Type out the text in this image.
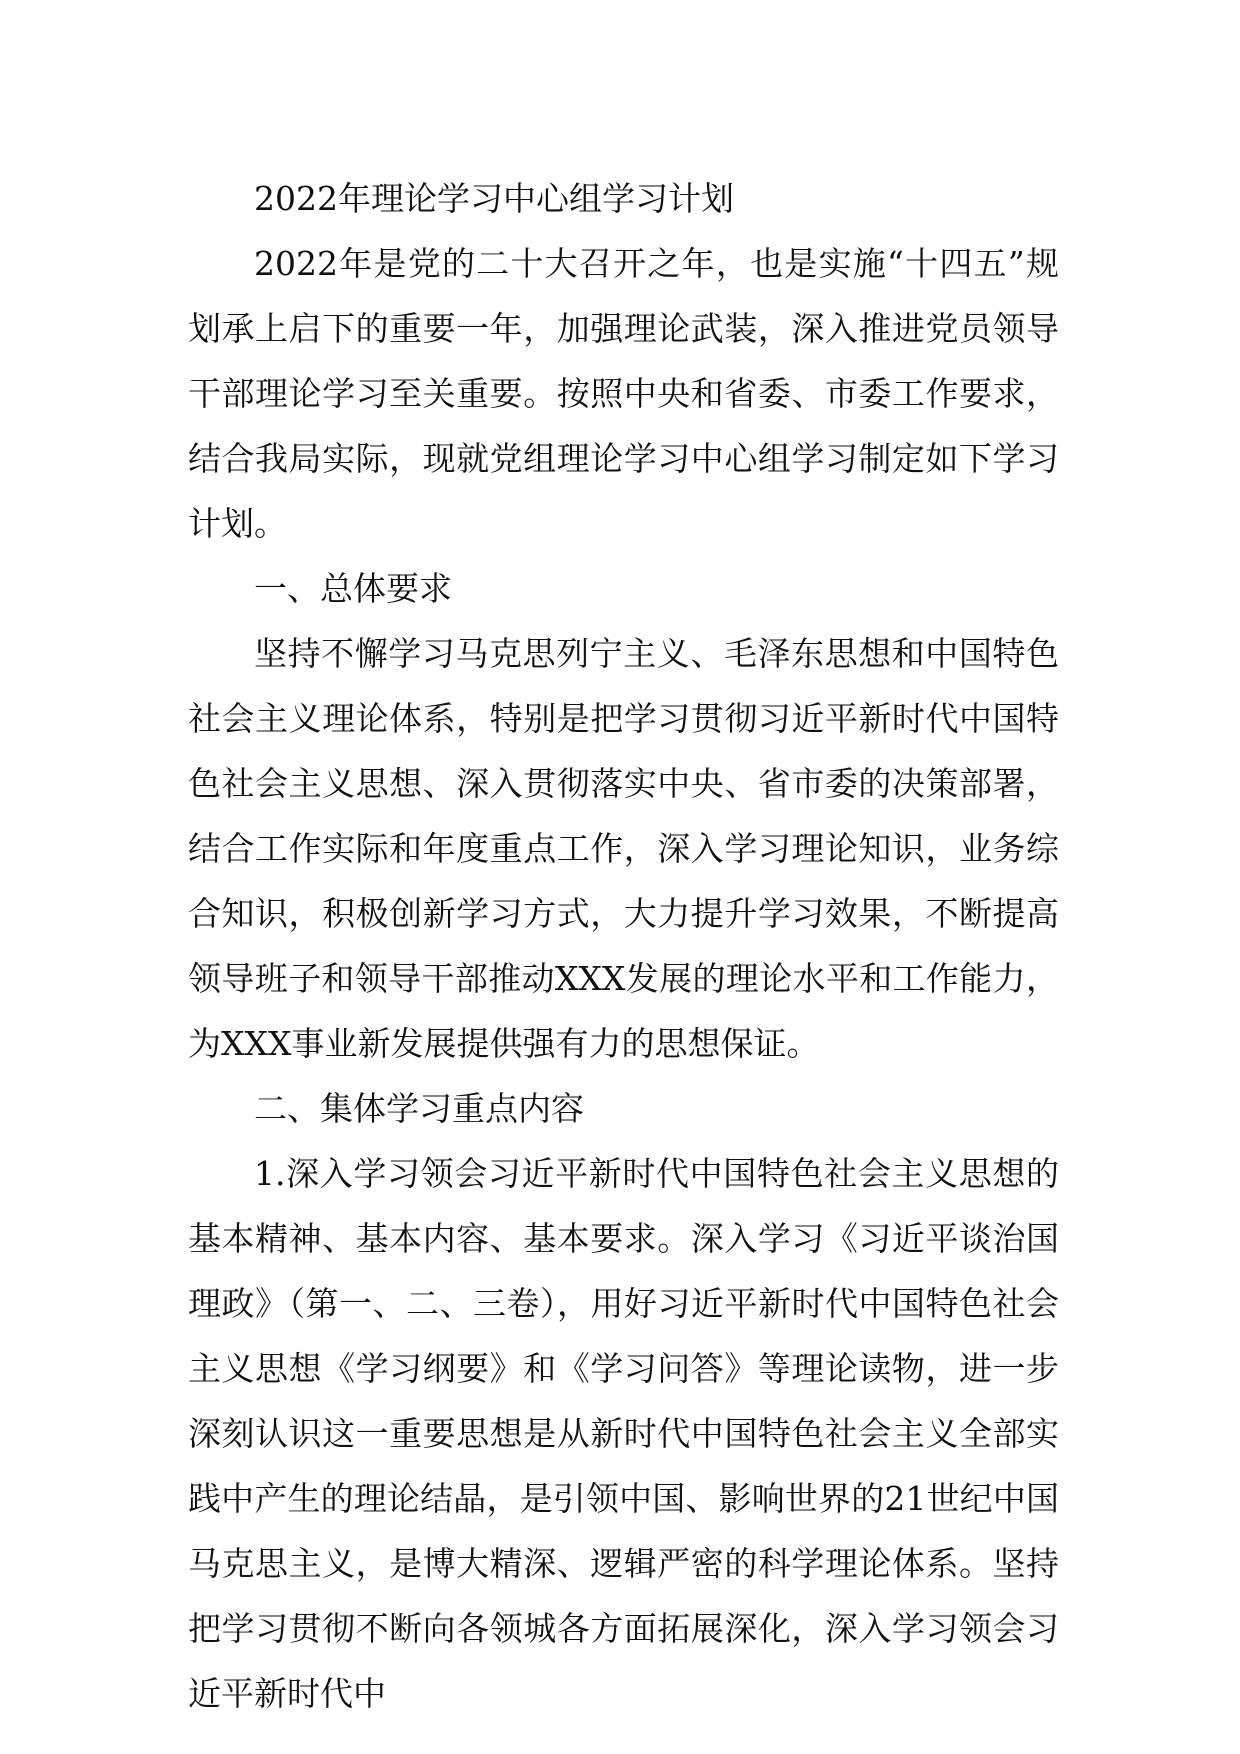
2022年理论学习中心组学习计划

2022年是党的二十大召开之年，也是实施“十四五”规划承上启下的重要一年，加强理论武装，深入推进党员领导干部理论学习至关重要。按照中央和省委、市委工作要求，结合我局实际，现就党组理论学习中心组学习制定如下学习计划。

一、总体要求

坚持不懈学习马克思列宁主义、毛泽东思想和中国特色社会主义理论体系，特别是把学习贯彻习近平新时代中国特色社会主义思想、深入贯彻落实中央、省市委的决策部署，结合工作实际和年度重点工作，深入学习理论知识，业务综合知识，积极创新学习方式，大力提升学习效果，不断提高领导班子和领导干部推动XXX发展的理论水平和工作能力，为XXX事业新发展提供强有力的思想保证。

二、集体学习重点内容

1.深入学习领会习近平新时代中国特色社会主义思想的基本精神、基本内容、基本要求。深入学习《习近平谈治国理政》（第一、二、三卷），用好习近平新时代中国特色社会主义思想《学习纲要》和《学习问答》等理论读物，进一步深刻认识这一重要思想是从新时代中国特色社会主义全部实践中产生的理论结晶，是引领中国、影响世界的21世纪中国马克思主义，是博大精深、逻辑严密的科学理论体系。坚持把学习贯彻不断向各领城各方面拓展深化，深入学习领会习近平新时代中
